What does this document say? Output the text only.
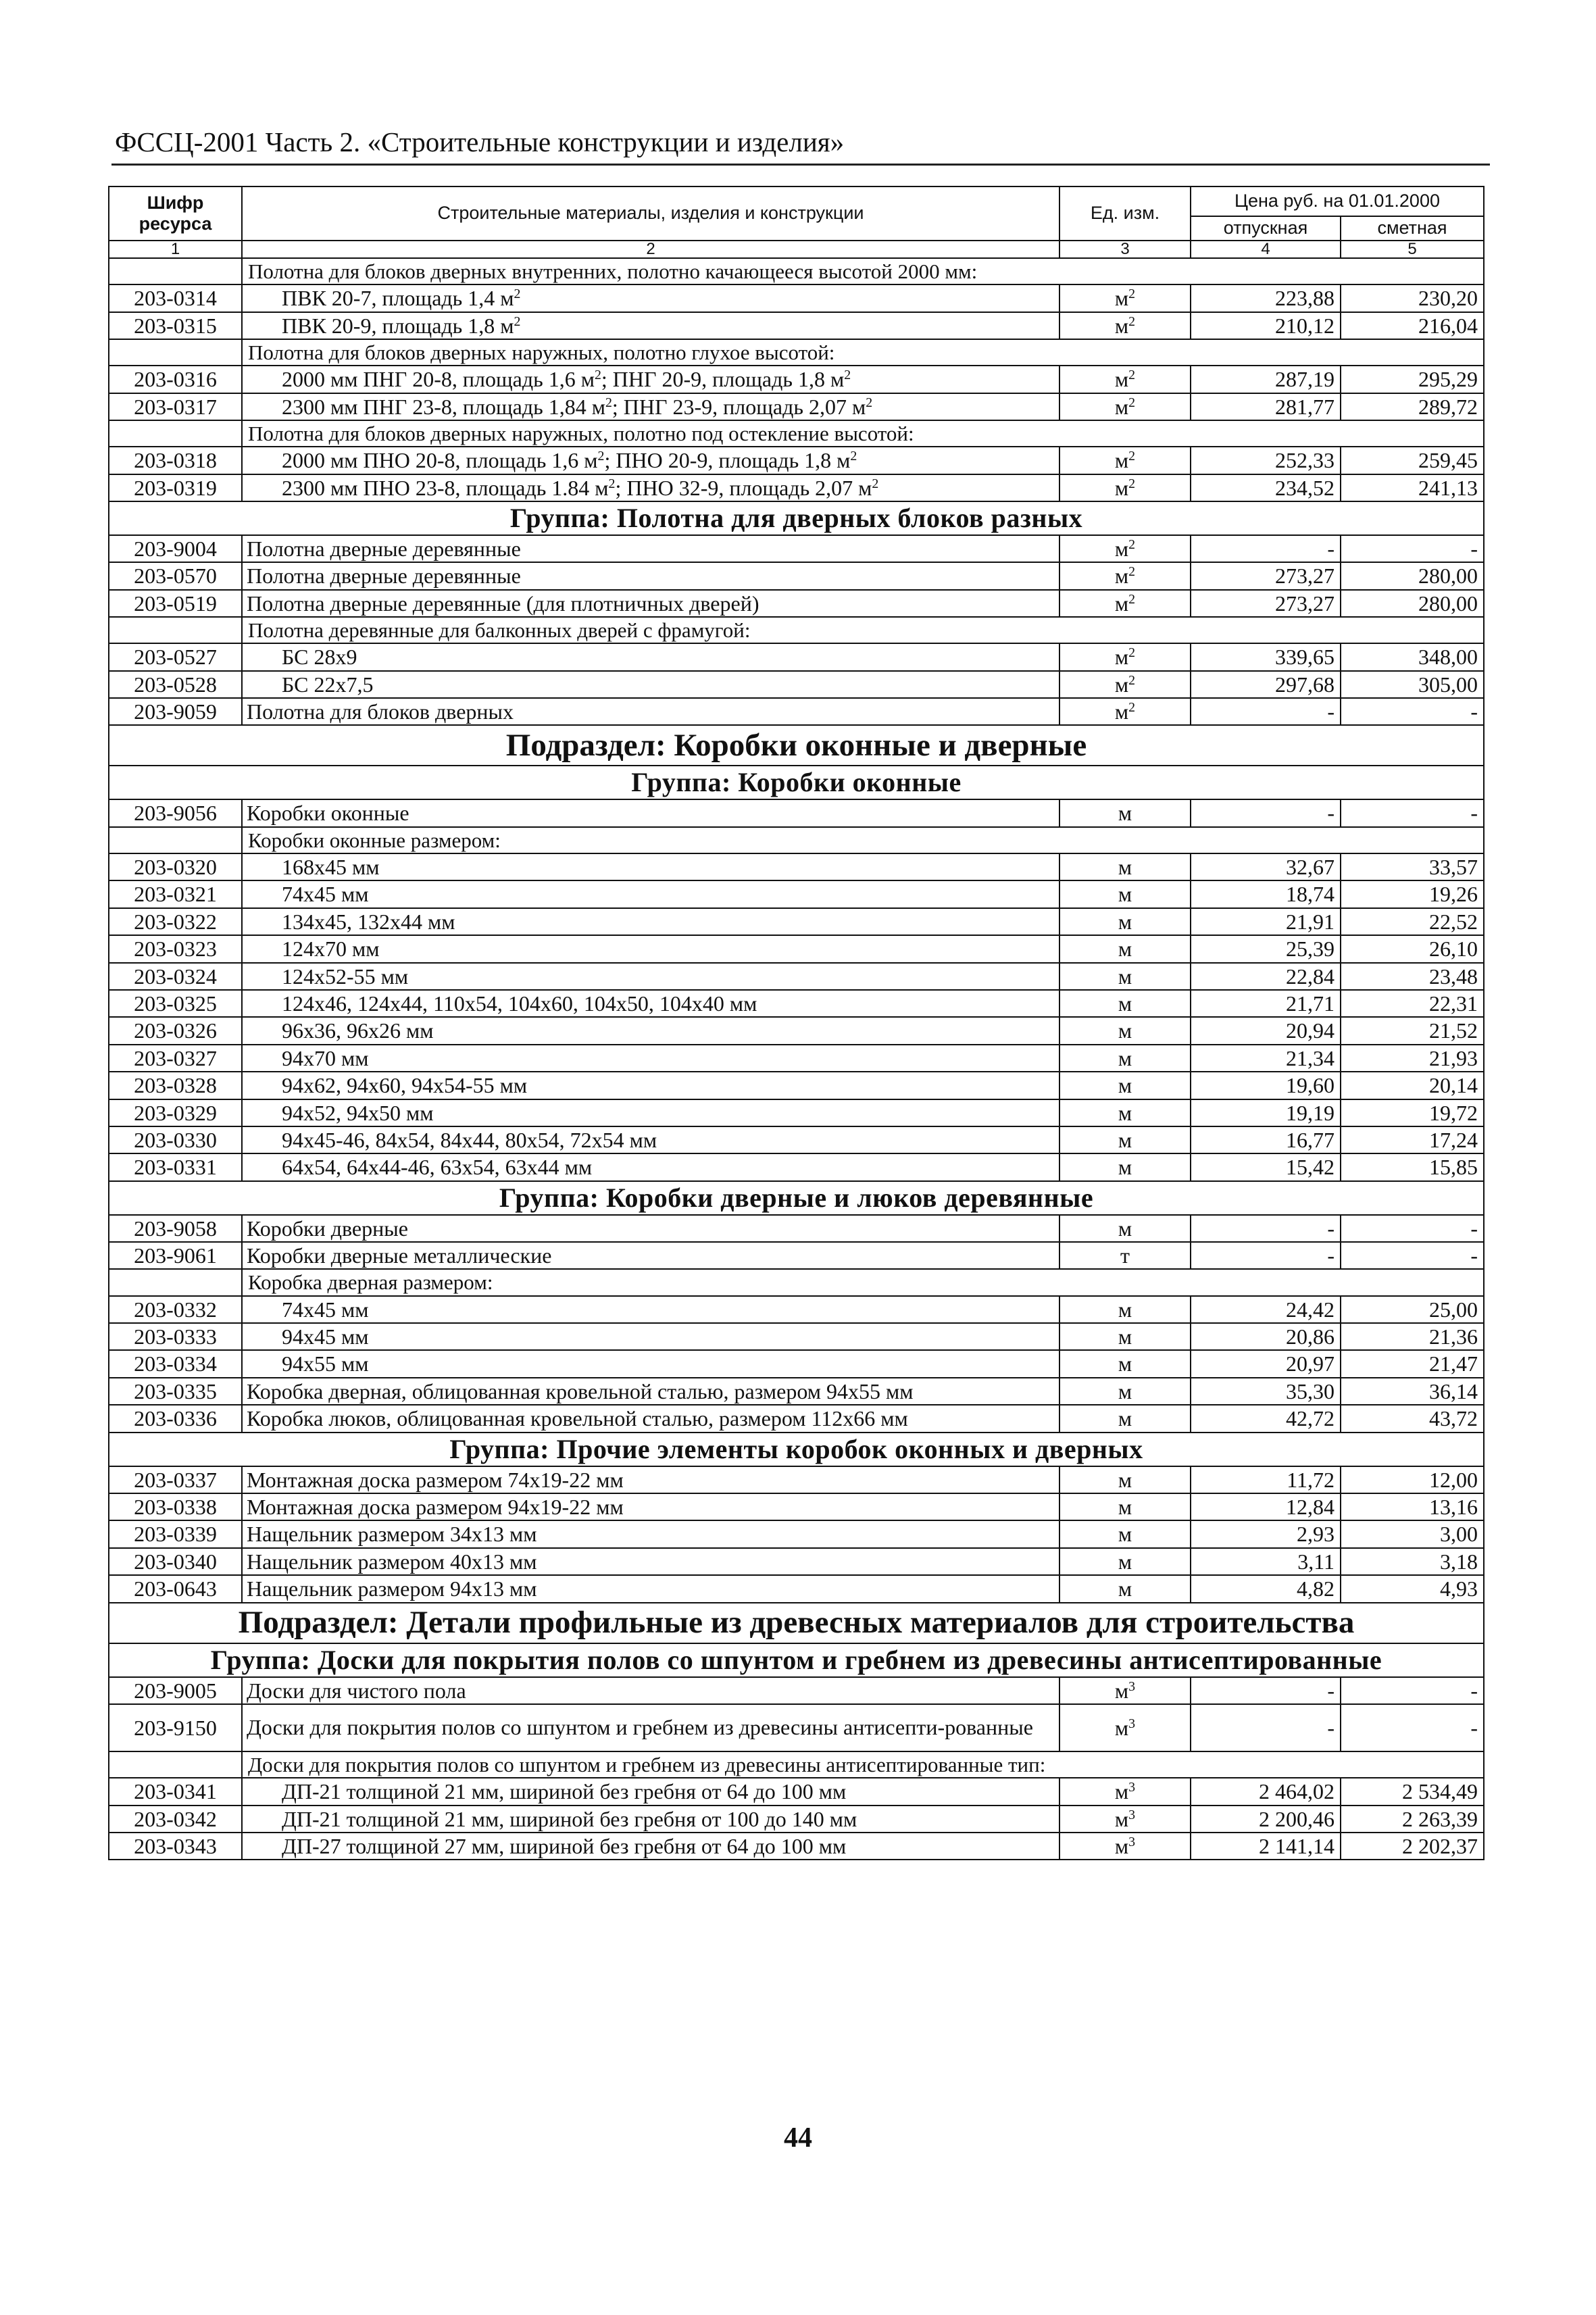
ФССЦ-2001 Часть 2. «Строительные конструкции и изделия»
Шифр ресурса	Строительные материалы, изделия и конструкции	Ед. изм.	Цена руб. на 01.01.2000	
			отпускная	сметная
1	2	3	4	5
	Полотна для блоков дверных внутренних, полотно качающееся высотой 2000 мм:			
203-0314	ПВК 20-7, площадь 1,4 $м^2$	$м^2$	223,88	230,20
203-0315	ПВК 20-9, площадь 1,8 $м^2$	$м^2$	210,12	216,04
	Полотна для блоков дверных наружных, полотно глухое высотой:			
203-0316	2000 мм ПНГ 20-8, площадь 1,6 $м^2$; ПНГ 20-9, площадь 1,8 $м^2$	$м^2$	287,19	295,29
203-0317	2300 мм ПНГ 23-8, площадь 1,84 $м^2$; ПНГ 23-9, площадь 2,07 $м^2$	$м^2$	281,77	289,72
	Полотна для блоков дверных наружных, полотно под остекление высотой:			
203-0318	2000 мм ПНО 20-8, площадь 1,6 $м^2$; ПНО 20-9, площадь 1,8 $м^2$	$м^2$	252,33	259,45
203-0319	2300 мм ПНО 23-8, площадь 1.84 $м^2$; ПНО 32-9, площадь 2,07 $м^2$	$м^2$	234,52	241,13
Группа: Полотна для дверных блоков разных				
203-9004	Полотна дверные деревянные	$м^2$	-	-
203-0570	Полотна дверные деревянные	$м^2$	273,27	280,00
203-0519	Полотна дверные деревянные (для плотничных дверей)	$м^2$	273,27	280,00
	Полотна деревянные для балконных дверей с фрамугой:			
203-0527	БС 28х9	$м^2$	339,65	348,00
203-0528	БС 22х7,5	$м^2$	297,68	305,00
203-9059	Полотна для блоков дверных	$м^2$	-	-
Подраздел: Коробки оконные и дверные				
Группа: Коробки оконные				
203-9056	Коробки оконные	м	-	-
	Коробки оконные размером:			
203-0320	168х45 мм	м	32,67	33,57
203-0321	74х45 мм	м	18,74	19,26
203-0322	134х45, 132х44 мм	м	21,91	22,52
203-0323	124х70 мм	м	25,39	26,10
203-0324	124х52-55 мм	м	22,84	23,48
203-0325	124х46, 124х44, 110х54, 104х60, 104х50, 104х40 мм	м	21,71	22,31
203-0326	96х36, 96х26 мм	м	20,94	21,52
203-0327	94х70 мм	м	21,34	21,93
203-0328	94х62, 94х60, 94х54-55 мм	м	19,60	20,14
203-0329	94х52, 94х50 мм	м	19,19	19,72
203-0330	94х45-46, 84х54, 84х44, 80х54, 72х54 мм	м	16,77	17,24
203-0331	64х54, 64х44-46, 63х54, 63х44 мм	м	15,42	15,85
Группа: Коробки дверные и люков деревянные				
203-9058	Коробки дверные	м	-	-
203-9061	Коробки дверные металлические	т	-	-
	Коробка дверная размером:			
203-0332	74х45 мм	м	24,42	25,00
203-0333	94х45 мм	м	20,86	21,36
203-0334	94х55 мм	м	20,97	21,47
203-0335	Коробка дверная, облицованная кровельной сталью, размером 94х55 мм	м	35,30	36,14
203-0336	Коробка люков, облицованная кровельной сталью, размером 112х66 мм	м	42,72	43,72
Группа: Прочие элементы коробок оконных и дверных				
203-0337	Монтажная доска размером 74х19-22 мм	м	11,72	12,00
203-0338	Монтажная доска размером 94х19-22 мм	м	12,84	13,16
203-0339	Нащельник размером 34х13 мм	м	2,93	3,00
203-0340	Нащельник размером 40х13 мм	м	3,11	3,18
203-0643	Нащельник размером 94х13 мм	м	4,82	4,93
Подраздел: Детали профильные из древесных материалов для строительства				
Группа: Доски для покрытия полов со шпунтом и гребнем из древесины антисептированные				
203-9005	Доски для чистого пола	$м^3$	-	-
203-9150	Доски для покрытия полов со шпунтом и гребнем из древесины антисепти-рованные	$м^3$	-	-
	Доски для покрытия полов со шпунтом и гребнем из древесины антисептированные тип:			
203-0341	ДП-21 толщиной 21 мм, шириной без гребня от 64 до 100 мм	$м^3$	2 464,02	2 534,49
203-0342	ДП-21 толщиной 21 мм, шириной без гребня от 100 до 140 мм	$м^3$	2 200,46	2 263,39
203-0343	ДП-27 толщиной 27 мм, шириной без гребня от 64 до 100 мм	$м^3$	2 141,14	2 202,37
44
